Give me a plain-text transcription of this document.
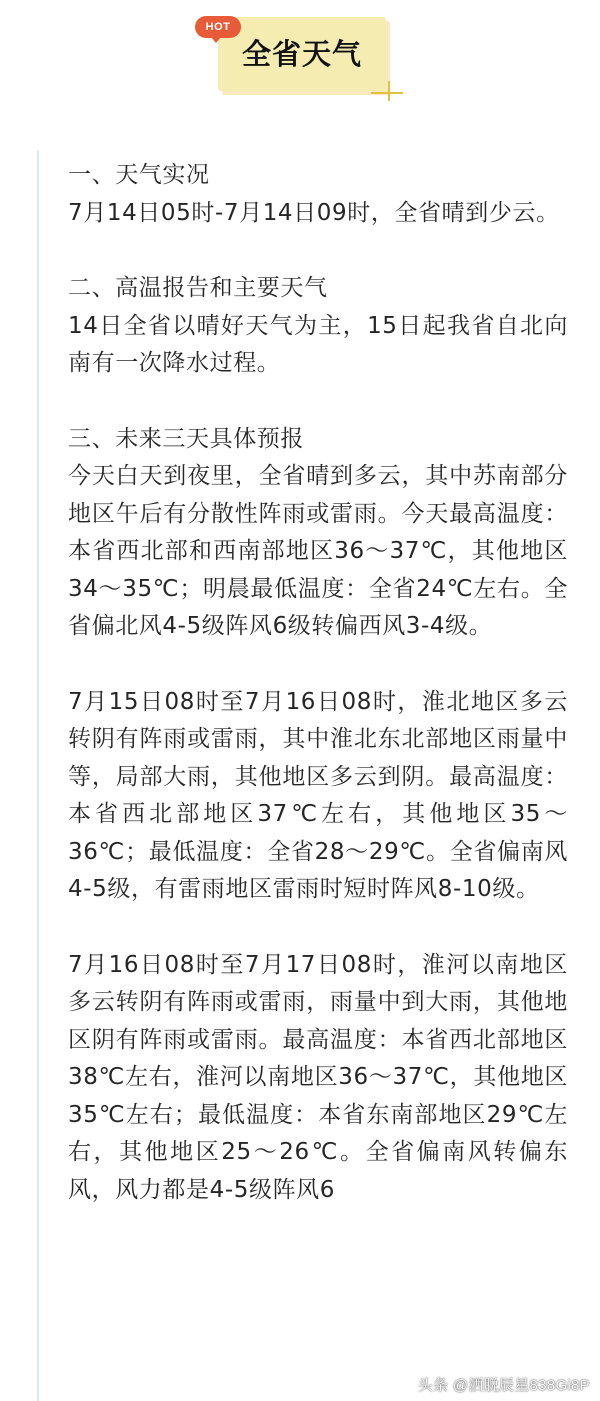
全省天气
HOT

一、天气实况
7月14日05时-7月14日09时，全省晴到少云。

二、高温报告和主要天气
14日全省以晴好天气为主，15日起我省自北向南有一次降水过程。

三、未来三天具体预报
今天白天到夜里，全省晴到多云，其中苏南部分地区午后有分散性阵雨或雷雨。今天最高温度：本省西北部和西南部地区36～37℃，其他地区34～35℃；明晨最低温度：全省24℃左右。全省偏北风4-5级阵风6级转偏西风3-4级。

7月15日08时至7月16日08时，淮北地区多云转阴有阵雨或雷雨，其中淮北东北部地区雨量中等，局部大雨，其他地区多云到阴。最高温度：本省西北部地区37℃左右，其他地区35～36℃；最低温度：全省28～29℃。全省偏南风4-5级，有雷雨地区雷雨时短时阵风8-10级。

7月16日08时至7月17日08时，淮河以南地区多云转阴有阵雨或雷雨，雨量中到大雨，其他地区阴有阵雨或雷雨。最高温度：本省西北部地区38℃左右，淮河以南地区36～37℃，其他地区35℃左右；最低温度：本省东南部地区29℃左右，其他地区25～26℃。全省偏南风转偏东风，风力都是4-5级阵风6

头条 @洒脱辰星838Gi8P
